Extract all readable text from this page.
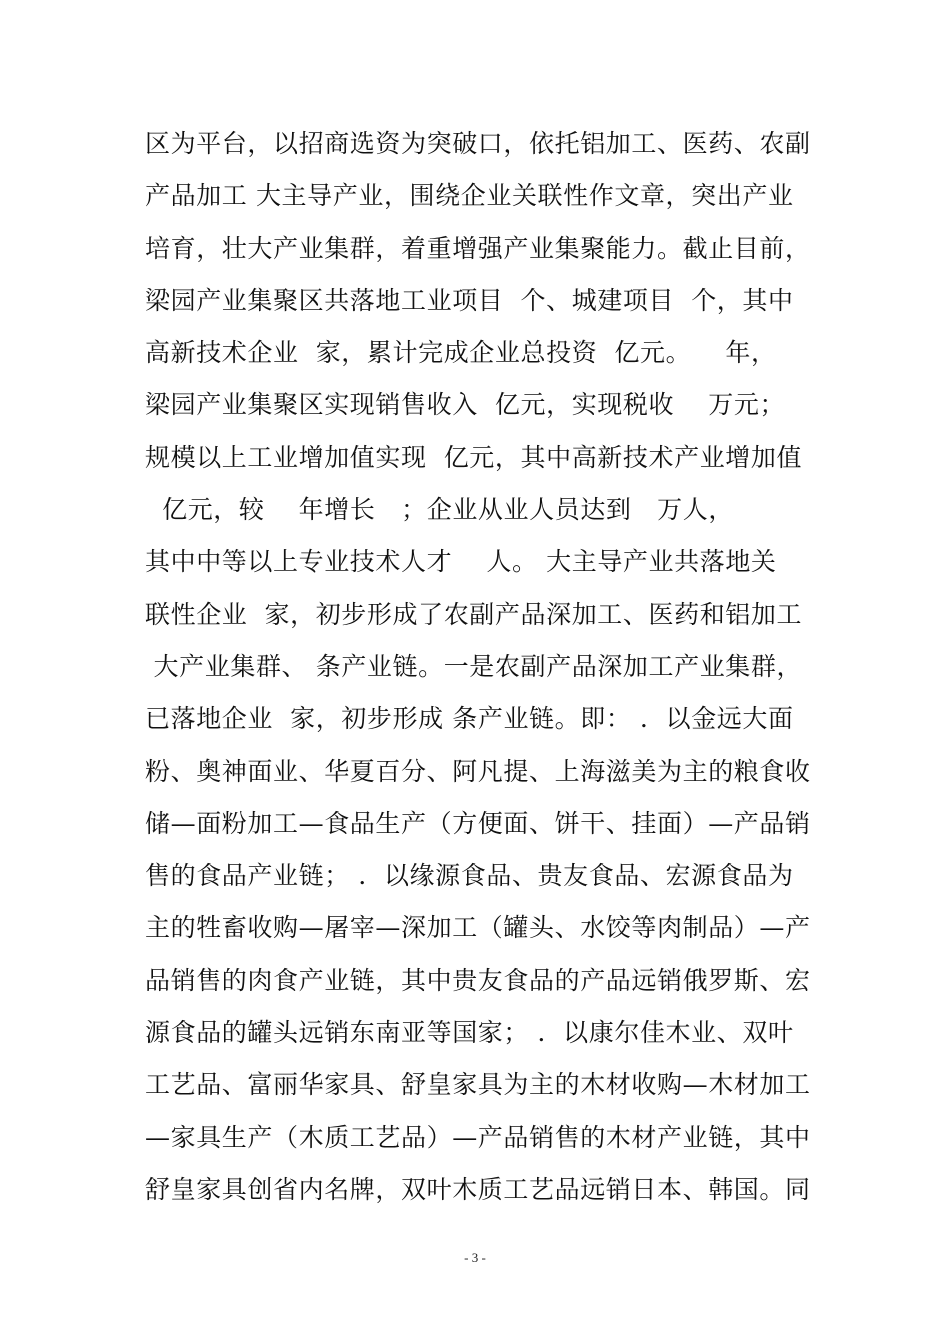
区为平台，以招商选资为突破口，依托铝加工、医药、农副
产品加工 大主导产业，围绕企业关联性作文章，突出产业
培育，壮大产业集群，着重增强产业集聚能力。截止目前，
梁园产业集聚区共落地工业项目  个、城建项目  个，其中
高新技术企业  家，累计完成企业总投资  亿元。    年，
梁园产业集聚区实现销售收入  亿元，实现税收    万元；
规模以上工业增加值实现  亿元，其中高新技术产业增加值
亿元，较    年增长   ；企业从业人员达到   万人，
其中中等以上专业技术人才    人。 大主导产业共落地关
联性企业  家，初步形成了农副产品深加工、医药和铝加工
大产业集群、 条产业链。一是农副产品深加工产业集群，
已落地企业  家，初步形成 条产业链。即： ．以金远大面
粉、奥神面业、华夏百分、阿凡提、上海滋美为主的粮食收
储—面粉加工—食品生产（方便面、饼干、挂面）—产品销
售的食品产业链； ．以缘源食品、贵友食品、宏源食品为
主的牲畜收购—屠宰—深加工（罐头、水饺等肉制品）—产
品销售的肉食产业链，其中贵友食品的产品远销俄罗斯、宏
源食品的罐头远销东南亚等国家； ．以康尔佳木业、双叶
工艺品、富丽华家具、舒皇家具为主的木材收购—木材加工
—家具生产（木质工艺品）—产品销售的木材产业链，其中
舒皇家具创省内名牌，双叶木质工艺品远销日本、韩国。同
- 3 -
